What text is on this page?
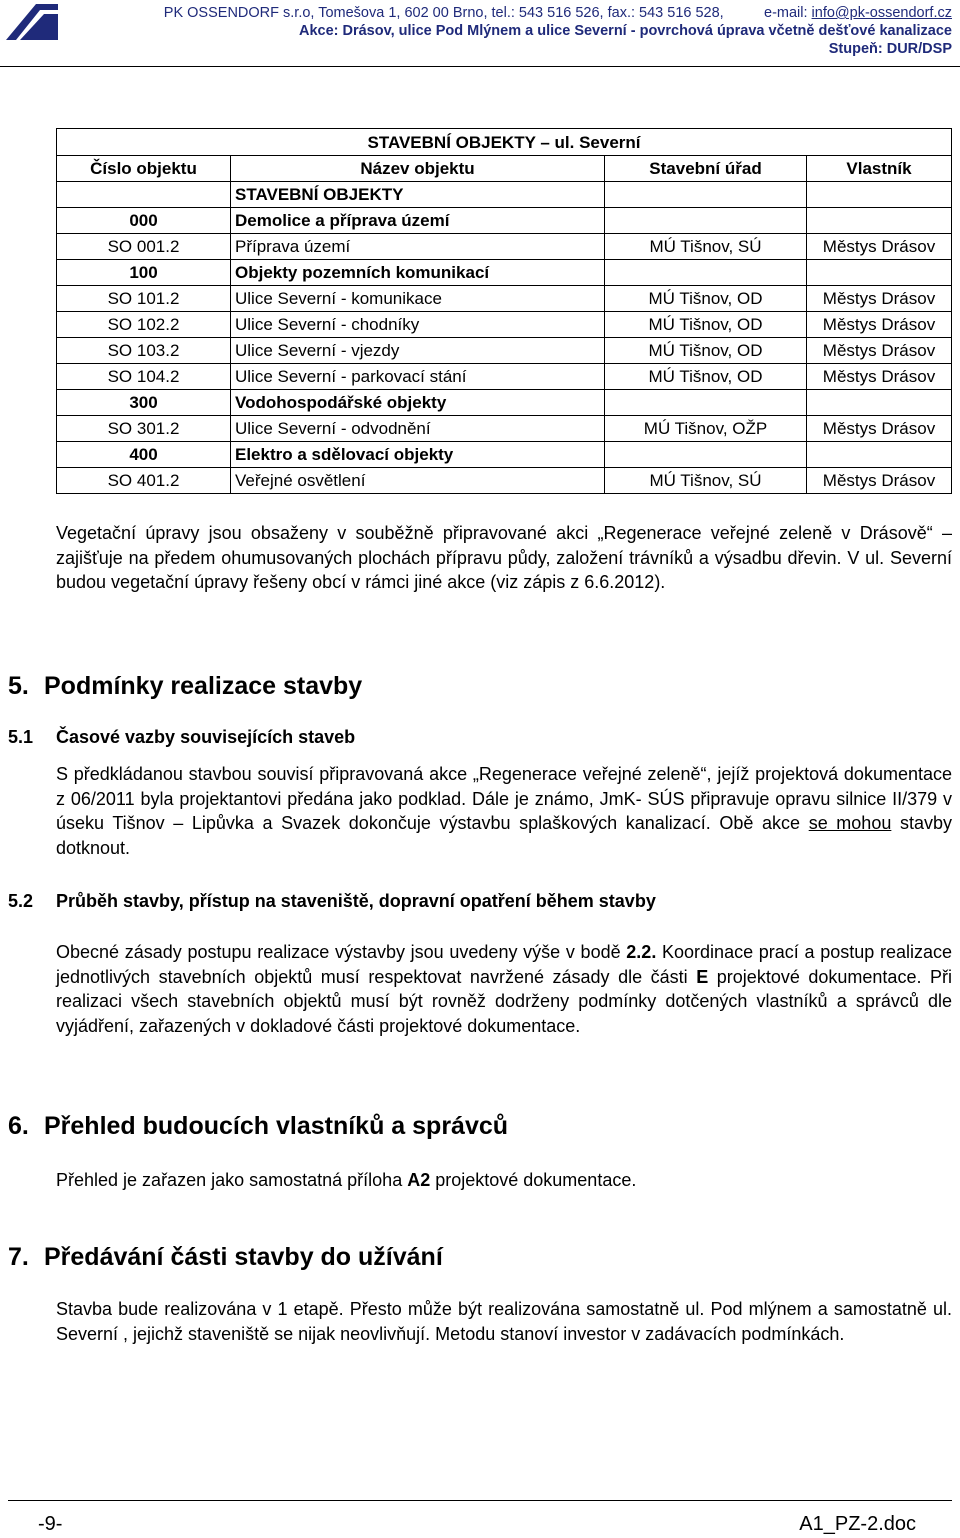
PK OSSENDORF s.r.o, Tomešova 1, 602 00 Brno, tel.: 543 516 526, fax.: 543 516 528,	e-mail: info@pk-ossendorf.cz
Akce: Drásov, ulice Pod Mlýnem a ulice Severní - povrchová úprava včetně dešťové kanalizace
Stupeň: DUR/DSP
STAVEBNÍ OBJEKTY – ul. Severní			
Číslo objektu	Název objektu	Stavební úřad	Vlastník
	STAVEBNÍ OBJEKTY		
000	Demolice a příprava území		
SO 001.2	Příprava území	MÚ Tišnov, SÚ	Městys Drásov
100	Objekty pozemních komunikací		
SO 101.2	Ulice Severní - komunikace	MÚ Tišnov, OD	Městys Drásov
SO 102.2	Ulice Severní - chodníky	MÚ Tišnov, OD	Městys Drásov
SO 103.2	Ulice Severní - vjezdy	MÚ Tišnov, OD	Městys Drásov
SO 104.2	Ulice Severní - parkovací stání	MÚ Tišnov, OD	Městys Drásov
300	Vodohospodářské objekty		
SO 301.2	Ulice Severní - odvodnění	MÚ Tišnov, OŽP	Městys Drásov
400	Elektro a sdělovací objekty		
SO 401.2	Veřejné osvětlení	MÚ Tišnov, SÚ	Městys Drásov
Vegetační úpravy jsou obsaženy v souběžně připravované akci „Regenerace veřejné zeleně v Drásově“ – zajišťuje na předem ohumusovaných plochách přípravu půdy, založení trávníků a výsadbu dřevin. V ul. Severní budou vegetační úpravy řešeny obcí v rámci jiné akce (viz zápis z 6.6.2012).
5. Podmínky realizace stavby
5.1 Časové vazby souvisejících staveb
S předkládanou stavbou souvisí připravovaná akce „Regenerace veřejné zeleně“, jejíž projektová dokumentace z 06/2011 byla projektantovi předána jako podklad. Dále je známo, JmK- SÚS připravuje opravu silnice II/379 v úseku Tišnov – Lipůvka a Svazek dokončuje výstavbu splaškových kanalizací. Obě akce se mohou stavby dotknout.
5.2 Průběh stavby, přístup na staveniště, dopravní opatření během stavby
Obecné zásady postupu realizace výstavby jsou uvedeny výše v bodě 2.2. Koordinace prací a postup realizace jednotlivých stavebních objektů musí respektovat navržené zásady dle části E projektové dokumentace. Při realizaci všech stavebních objektů musí být rovněž dodrženy podmínky dotčených vlastníků a správců dle vyjádření, zařazených v dokladové části projektové dokumentace.
6. Přehled budoucích vlastníků a správců
Přehled je zařazen jako samostatná příloha A2 projektové dokumentace.
7. Předávání části stavby do užívání
Stavba bude realizována v 1 etapě. Přesto může být realizována samostatně ul. Pod mlýnem a samostatně ul. Severní , jejichž staveniště se nijak neovlivňují. Metodu stanoví investor v zadávacích podmínkách.
-9-	A1_PZ-2.doc
